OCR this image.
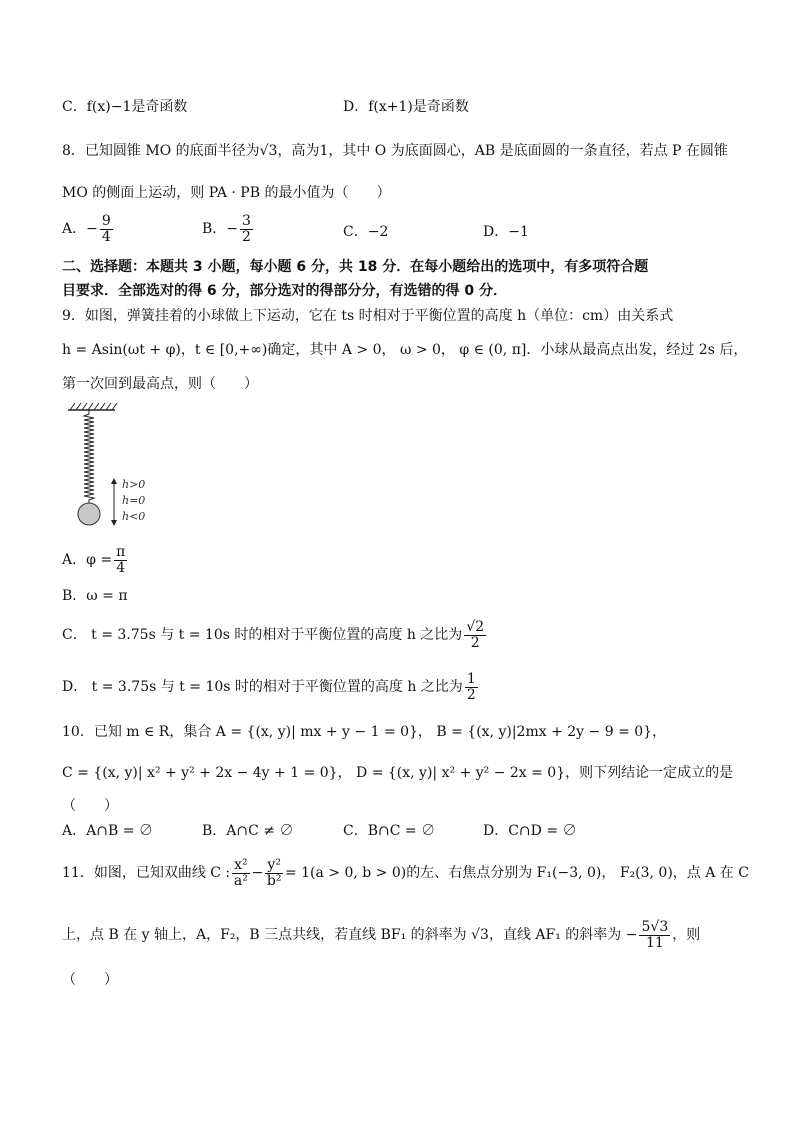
C．f(x)−1是奇函数	D．f(x+1)是奇函数
8．已知圆锥 MO 的底面半径为√3，高为1，其中 O 为底面圆心，AB 是底面圆的一条直径，若点 P 在圆锥
MO 的侧面上运动，则 PA · PB 的最小值为（　　）
A．− $\frac{9}{4}$	B．− $\frac{3}{2}$	C．−2	D．−1
二、选择题：本题共 3 小题，每小题 6 分，共 18 分．在每小题给出的选项中，有多项符合题
目要求．全部选对的得 6 分，部分选对的得部分分，有选错的得 0 分．
9．如图，弹簧挂着的小球做上下运动，它在 ts 时相对于平衡位置的高度 h（单位：cm）由关系式
h = Asin(ωt + φ)，t ∈ [0,+∞)确定，其中 A > 0， ω > 0， φ ∈ (0, π]．小球从最高点出发，经过 2s 后，
第一次回到最高点，则（　　）
h>0
h=0
h<0
A．$\varphi = \frac{\pi}{4}$
B．ω = π
C． t = 3.75s 与 t = 10s 时的相对于平衡位置的高度 h 之比为 $\frac{√2}{2}$
D． t = 3.75s 与 t = 10s 时的相对于平衡位置的高度 h 之比为 $\frac{1}{2}$
10．已知 m ∈ R，集合 A = {(x, y)| mx + y − 1 = 0}， B = {(x, y)|2mx + 2y − 9 = 0}，
C = {(x, y)| x² + y² + 2x − 4y + 1 = 0}， D = {(x, y)| x² + y² − 2x = 0}，则下列结论一定成立的是
（　　）
A．A∩B = ∅	B．A∩C ≠ ∅	C．B∩C = ∅	D．C∩D = ∅
11．如图，已知双曲线 C : $\frac{\text{x²}}{\text{a²}} - \frac{\text{y²}}{\text{b²}} = 1(a > 0$, b > 0)的左、右焦点分别为 F₁(−3, 0)， F₂(3, 0)，点 A 在 C
上，点 B 在 y 轴上，A，F₂，B 三点共线，若直线 BF₁ 的斜率为 √3，直线 AF₁ 的斜率为 − $\frac{5√3}{11}$ ，则
（　　）
